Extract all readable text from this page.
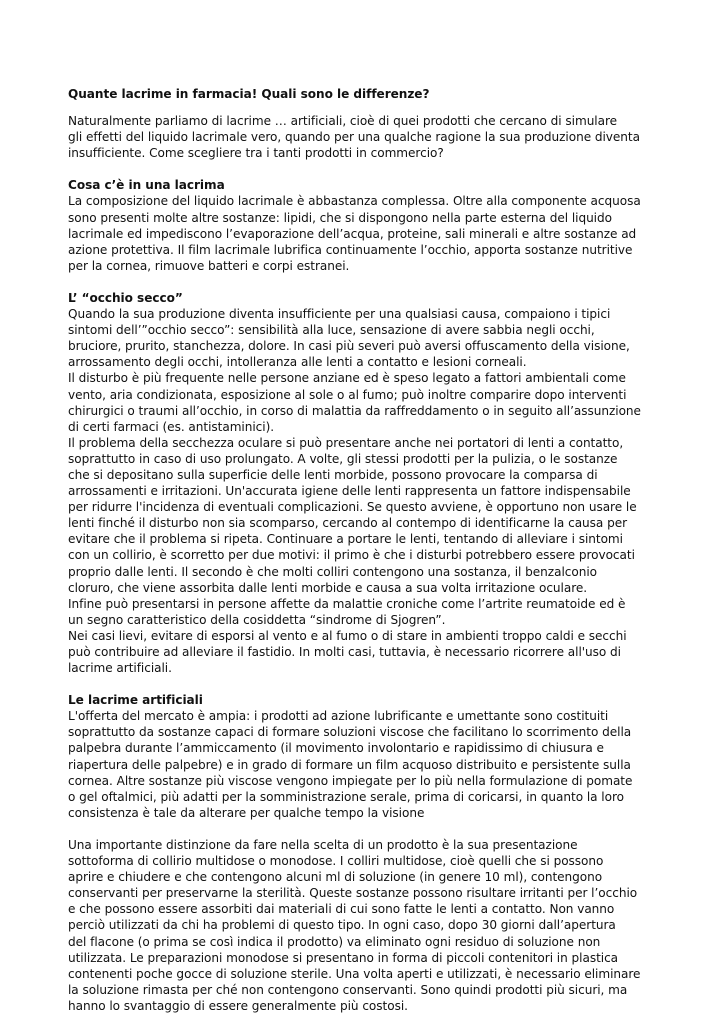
Quante lacrime in farmacia! Quali sono le differenze?
Naturalmente parliamo di lacrime … artificiali, cioè di quei prodotti che cercano di simulare
gli effetti del liquido lacrimale vero, quando per una qualche ragione la sua produzione diventa
insufficiente. Come scegliere tra i tanti prodotti in commercio?
Cosa c’è in una lacrima
La composizione del liquido lacrimale è abbastanza complessa. Oltre alla componente acquosa
sono presenti molte altre sostanze: lipidi, che si dispongono nella parte esterna del liquido
lacrimale ed impediscono l’evaporazione dell’acqua, proteine, sali minerali e altre sostanze ad
azione protettiva. Il film lacrimale lubrifica continuamente l’occhio, apporta sostanze nutritive
per la cornea, rimuove batteri e corpi estranei.
L’ “occhio secco”
Quando la sua produzione diventa insufficiente per una qualsiasi causa, compaiono i tipici
sintomi dell’”occhio secco”: sensibilità alla luce, sensazione di avere sabbia negli occhi,
bruciore, prurito, stanchezza, dolore. In casi più severi può aversi offuscamento della visione,
arrossamento degli occhi, intolleranza alle lenti a contatto e lesioni corneali.
Il disturbo è più frequente nelle persone anziane ed è speso legato a fattori ambientali come
vento, aria condizionata, esposizione al sole o al fumo; può inoltre comparire dopo interventi
chirurgici o traumi all’occhio, in corso di malattia da raffreddamento o in seguito all’assunzione
di certi farmaci (es. antistaminici).
Il problema della secchezza oculare si può presentare anche nei portatori di lenti a contatto,
soprattutto in caso di uso prolungato. A volte, gli stessi prodotti per la pulizia, o le sostanze
che si depositano sulla superficie delle lenti morbide, possono provocare la comparsa di
arrossamenti e irritazioni. Un'accurata igiene delle lenti rappresenta un fattore indispensabile
per ridurre l'incidenza di eventuali complicazioni. Se questo avviene, è opportuno non usare le
lenti finché il disturbo non sia scomparso, cercando al contempo di identificarne la causa per
evitare che il problema si ripeta. Continuare a portare le lenti, tentando di alleviare i sintomi
con un collirio, è scorretto per due motivi: il primo è che i disturbi potrebbero essere provocati
proprio dalle lenti. Il secondo è che molti colliri contengono una sostanza, il benzalconio
cloruro, che viene assorbita dalle lenti morbide e causa a sua volta irritazione oculare.
Infine può presentarsi in persone affette da malattie croniche come l’artrite reumatoide ed è
un segno caratteristico della cosiddetta “sindrome di Sjogren”.
Nei casi lievi, evitare di esporsi al vento e al fumo o di stare in ambienti troppo caldi e secchi
può contribuire ad alleviare il fastidio. In molti casi, tuttavia, è necessario ricorrere all'uso di
lacrime artificiali.
Le lacrime artificiali
L'offerta del mercato è ampia: i prodotti ad azione lubrificante e umettante sono costituiti
soprattutto da sostanze capaci di formare soluzioni viscose che facilitano lo scorrimento della
palpebra durante l’ammiccamento (il movimento involontario e rapidissimo di chiusura e
riapertura delle palpebre) e in grado di formare un film acquoso distribuito e persistente sulla
cornea. Altre sostanze più viscose vengono impiegate per lo più nella formulazione di pomate
o gel oftalmici, più adatti per la somministrazione serale, prima di coricarsi, in quanto la loro
consistenza è tale da alterare per qualche tempo la visione
Una importante distinzione da fare nella scelta di un prodotto è la sua presentazione
sottoforma di collirio multidose o monodose. I colliri multidose, cioè quelli che si possono
aprire e chiudere e che contengono alcuni ml di soluzione (in genere 10 ml), contengono
conservanti per preservarne la sterilità. Queste sostanze possono risultare irritanti per l’occhio
e che possono essere assorbiti dai materiali di cui sono fatte le lenti a contatto. Non vanno
perciò utilizzati da chi ha problemi di questo tipo. In ogni caso, dopo 30 giorni dall’apertura
del flacone (o prima se così indica il prodotto) va eliminato ogni residuo di soluzione non
utilizzata. Le preparazioni monodose si presentano in forma di piccoli contenitori in plastica
contenenti poche gocce di soluzione sterile. Una volta aperti e utilizzati, è necessario eliminare
la soluzione rimasta per ché non contengono conservanti. Sono quindi prodotti più sicuri, ma
hanno lo svantaggio di essere generalmente più costosi.
